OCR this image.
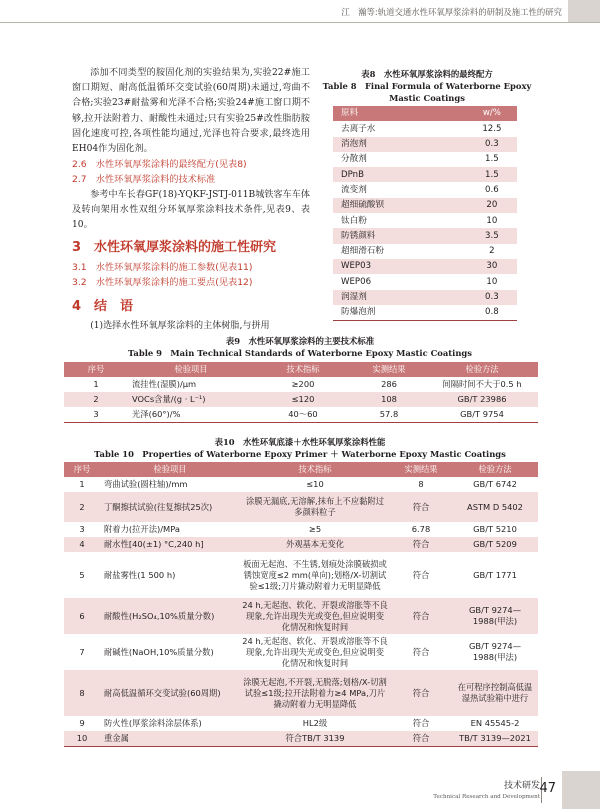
江　瀚等:轨道交通水性环氧厚浆涂料的研制及施工性的研究

添加不同类型的胺固化剂的实验结果为,实验22#施工窗口期短、耐高低温循环交变试验(60周期)未通过,弯曲不合格;实验23#耐盐雾和光泽不合格;实验24#施工窗口期不够,拉开法附着力、耐酸性未通过;只有实验25#改性脂肪胺固化速度可控,各项性能均通过,光泽也符合要求,最终选用EH04作为固化剂。

2.6　水性环氧厚浆涂料的最终配方(见表8)
2.7　水性环氧厚浆涂料的技术标准

参考中车长春GF(18)-YQKF-JSTJ-011B城铁客车车体及转向架用水性双组分环氧厚浆涂料技术条件,见表9、表10。

3　水性环氧厚浆涂料的施工性研究
3.1　水性环氧厚浆涂料的施工参数(见表11)
3.2　水性环氧厚浆涂料的施工要点(见表12)
4　结　语

(1)选择水性环氧厚浆涂料的主体树脂,与拼用

表8　水性环氧厚浆涂料的最终配方
Table 8　Final Formula of Waterborne Epoxy Mastic Coatings
原料	w/%
去离子水	12.5
消泡剂	0.3
分散剂	1.5
DPnB	1.5
流变剂	0.6
超细硫酸钡	20
钛白粉	10
防锈颜料	3.5
超细滑石粉	2
WEP03	30
WEP06	10
润湿剂	0.3
防爆泡剂	0.8
表9　水性环氧厚浆涂料的主要技术标准
Table 9　Main Technical Standards of Waterborne Epoxy Mastic Coatings
序号	检验项目	技术指标	实测结果	检验方法
1	流挂性(湿膜)/μm	≥200	286	间隔时间不大于0.5 h
2	VOCs含量/(g · L⁻¹)	≤120	108	GB/T 23986
3	光泽(60°)/%	40～60	57.8	GB/T 9754
表10　水性环氧底漆＋水性环氧厚浆涂料性能
Table 10　Properties of Waterborne Epoxy Primer ＋ Waterborne Epoxy Mastic Coatings
序号	检验项目	技术指标	实测结果	检验方法
1	弯曲试验(圆柱轴)/mm	≤10	8	GB/T 6742
2	丁酮擦拭试验(往复擦拭25次)	涂膜无漏底,无溶解,抹布上不应黏附过多颜料粒子	符合	ASTM D 5402
3	附着力(拉开法)/MPa	≥5	6.78	GB/T 5210
4	耐水性[40(±1) °C,240 h]	外观基本无变化	符合	GB/T 5209
5	耐盐雾性(1 500 h)	板面无起泡、不生锈,划痕处涂膜破损或锈蚀宽度≤2 mm(单向);划格/X-切割试验≤1级;刀片撬动附着力无明显降低	符合	GB/T 1771
6	耐酸性(H₂SO₄,10%质量分数)	24 h,无起泡、软化、开裂或溶胀等不良现象,允许出现失光或变色,但应说明变化情况和恢复时间	符合	GB/T 9274—1988(甲法)
7	耐碱性(NaOH,10%质量分数)	24 h,无起泡、软化、开裂或溶胀等不良现象,允许出现失光或变色,但应说明变化情况和恢复时间	符合	GB/T 9274—1988(甲法)
8	耐高低温循环交变试验(60周期)	涂膜无起泡,不开裂,无脱落;划格/X-切割试验≤1级;拉开法附着力≥4 MPa,刀片撬动附着力无明显降低	符合	在可程序控制高低温湿热试验箱中进行
9	防火性(厚浆涂料涂层体系)	HL2级	符合	EN 45545-2
10	重金属	符合TB/T 3139	符合	TB/T 3139—2021
技术研发
Technical Research and Development
47
